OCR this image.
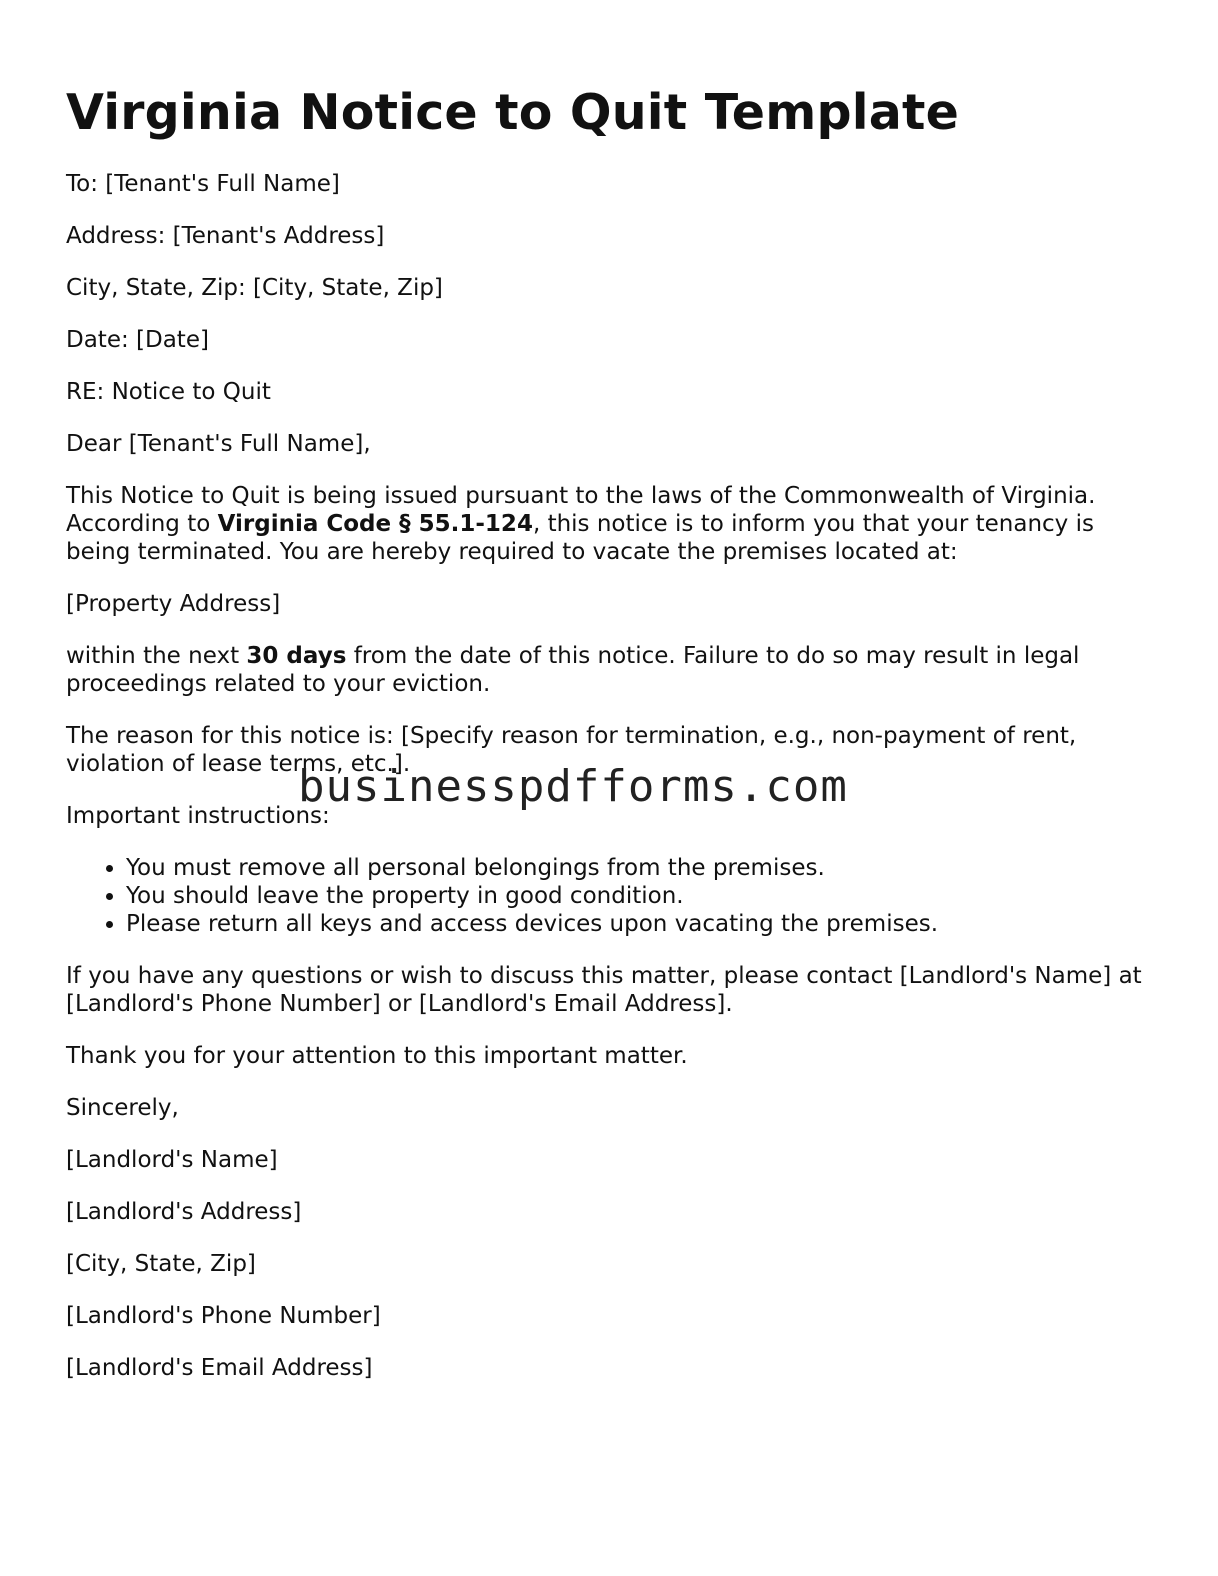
Virginia Notice to Quit Template

To: [Tenant's Full Name]

Address: [Tenant's Address]

City, State, Zip: [City, State, Zip]

Date: [Date]

RE: Notice to Quit

Dear [Tenant's Full Name],

This Notice to Quit is being issued pursuant to the laws of the Commonwealth of Virginia. According to Virginia Code § 55.1-124, this notice is to inform you that your tenancy is being terminated. You are hereby required to vacate the premises located at:

[Property Address]

within the next 30 days from the date of this notice. Failure to do so may result in legal proceedings related to your eviction.

The reason for this notice is: [Specify reason for termination, e.g., non-payment of rent, violation of lease terms, etc.].

Important instructions:

• You must remove all personal belongings from the premises.
• You should leave the property in good condition.
• Please return all keys and access devices upon vacating the premises.

If you have any questions or wish to discuss this matter, please contact [Landlord's Name] at [Landlord's Phone Number] or [Landlord's Email Address].

Thank you for your attention to this important matter.

Sincerely,

[Landlord's Name]

[Landlord's Address]

[City, State, Zip]

[Landlord's Phone Number]

[Landlord's Email Address]

businesspdfforms.com
